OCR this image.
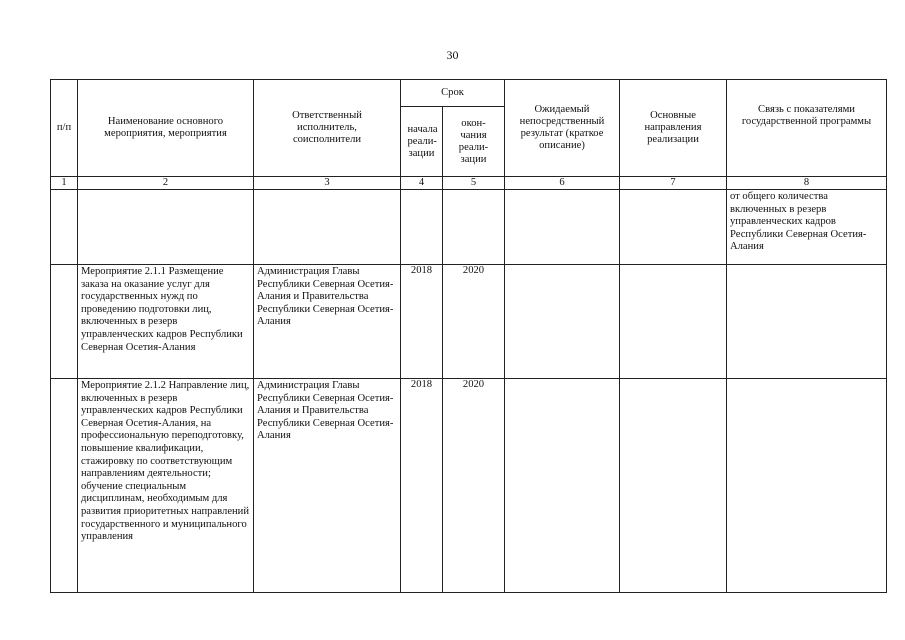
30
п/п	Наименование основного мероприятия, мероприятия	Ответственный исполнитель, соисполнители	Срок		Ожидаемый непосредственный результат (краткое описание)	Основные направления реализации	Связь с показателями государственной программы

			начала реали- зации	окон- чания реали- зации			

1	2	3	4	5	6	7	8

							от общего количества включенных в резерв управленческих кадров Республики Северная Осетия-Алания

	Мероприятие 2.1.1 Размещение заказа на оказание услуг для государственных нужд по проведению подготовки лиц, включенных в резерв управленческих кадров Республики Северная Осетия-Алания	Администрация Главы Республики Северная Осетия-Алания и Правительства Республики Северная Осетия-Алания	2018	2020			

	Мероприятие 2.1.2 Направление лиц, включенных в резерв управленческих кадров Республики Северная Осетия-Алания, на профессиональную переподготовку, повышение квалификации, стажировку по соответствующим направлениям деятельности; обучение специальным дисциплинам, необходимым для развития приоритетных направлений государственного и муниципального управления	Администрация Главы Республики Северная Осетия-Алания и Правительства Республики Северная Осетия-Алания	2018	2020			
